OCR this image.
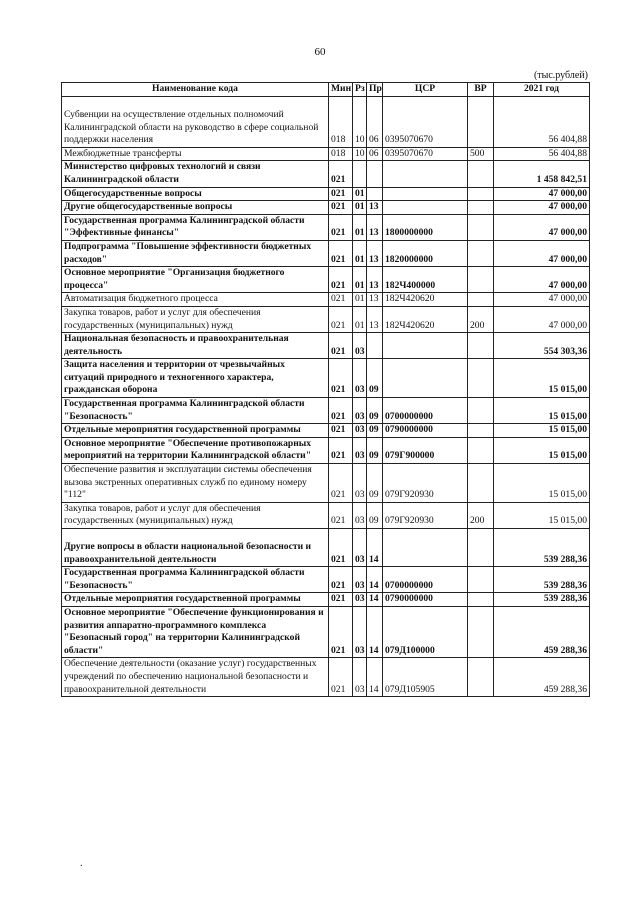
60
(тыс.рублей)
Наименование кода	Мин	Рз	Пр	ЦСР	ВР	2021 год

Субвенции на осуществление отдельных полномочий Калининградской области на руководство в сфере социальной поддержки населения	018	10	06	0395070670		56 404,88
Межбюджетные трансферты	018	10	06	0395070670	500	56 404,88
Министерство цифровых технологий и связи Калининградской области	021					1 458 842,51
Общегосударственные вопросы	021	01				47 000,00
Другие общегосударственные вопросы	021	01	13			47 000,00
Государственная программа Калининградской области "Эффективные финансы"	021	01	13	1800000000		47 000,00
Подпрограмма "Повышение эффективности бюджетных расходов"	021	01	13	1820000000		47 000,00
Основное мероприятие "Организация бюджетного процесса"	021	01	13	182Ч400000		47 000,00
Автоматизация бюджетного процесса	021	01	13	182Ч420620		47 000,00
Закупка товаров, работ и услуг для обеспечения государственных (муниципальных) нужд	021	01	13	182Ч420620	200	47 000,00
Национальная безопасность и правоохранительная деятельность	021	03				554 303,36
Защита населения и территории от чрезвычайных ситуаций природного и техногенного характера, гражданская оборона	021	03	09			15 015,00
Государственная программа Калининградской области "Безопасность"	021	03	09	0700000000		15 015,00
Отдельные мероприятия государственной программы	021	03	09	0790000000		15 015,00
Основное мероприятие "Обеспечение противопожарных мероприятий на территории Калининградской области"	021	03	09	079Г900000		15 015,00
Обеспечение развития и эксплуатации системы обеспечения вызова экстренных оперативных служб по единому номеру "112"	021	03	09	079Г920930		15 015,00
Закупка товаров, работ и услуг для обеспечения государственных (муниципальных) нужд	021	03	09	079Г920930	200	15 015,00

Другие вопросы в области национальной безопасности и правоохранительной деятельности	021	03	14			539 288,36
Государственная программа Калининградской области "Безопасность"	021	03	14	0700000000		539 288,36
Отдельные мероприятия государственной программы	021	03	14	0790000000		539 288,36
Основное мероприятие "Обеспечение функционирования и развития аппаратно-программного комплекса "Безопасный город" на территории Калининградской области"	021	03	14	079Д100000		459 288,36
Обеспечение деятельности (оказание услуг) государственных учреждений по обеспечению национальной безопасности и правоохранительной деятельности	021	03	14	079Д105905		459 288,36
.
